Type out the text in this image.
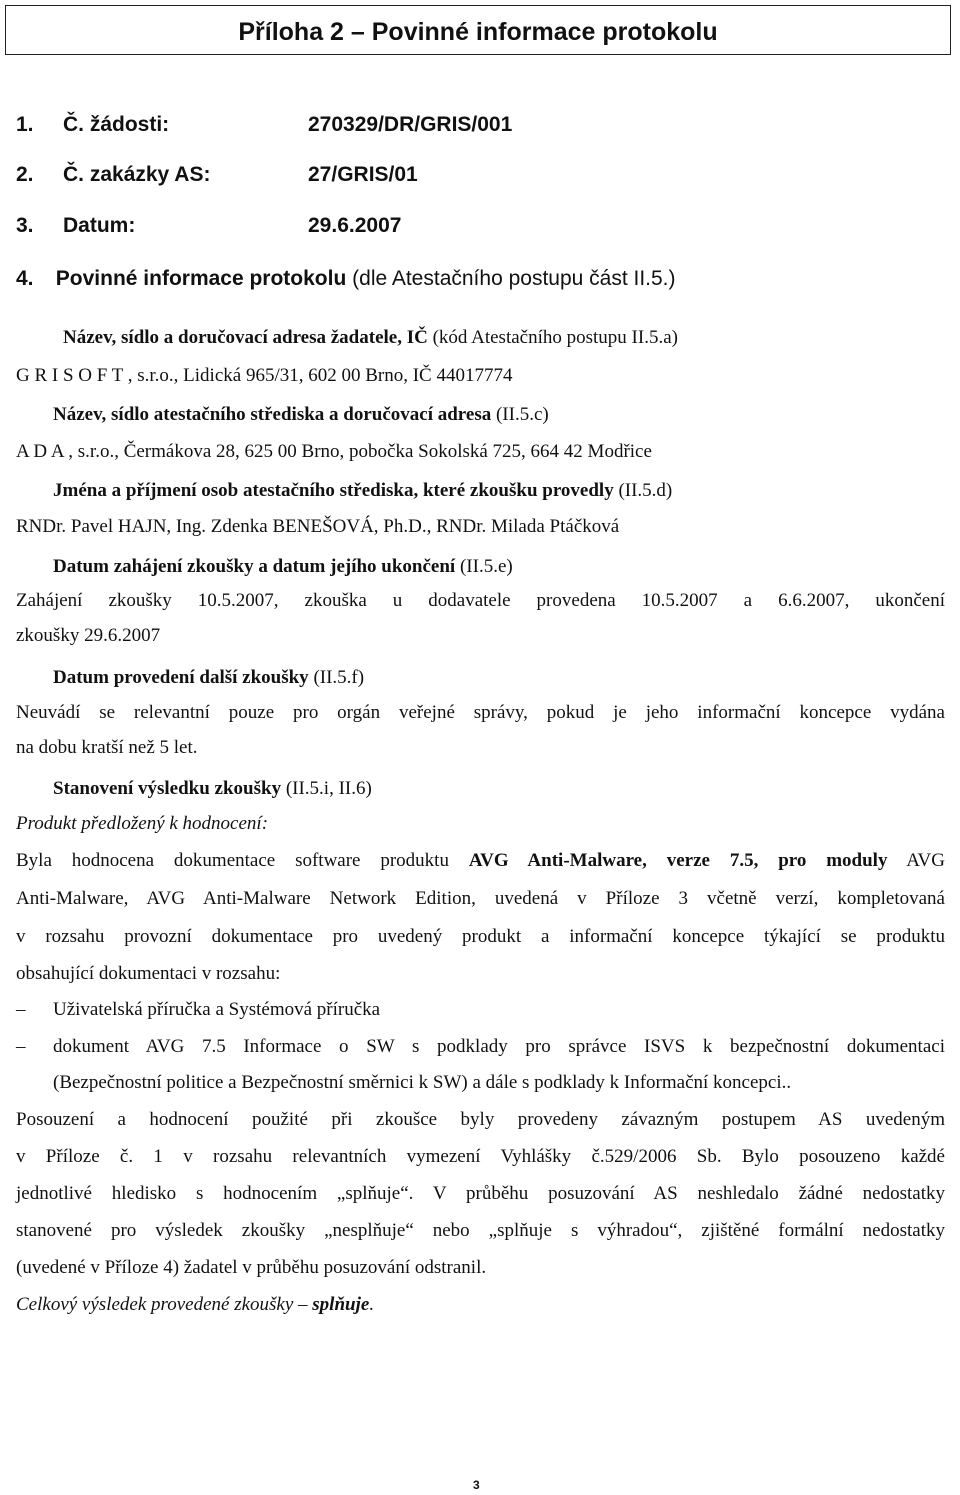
Příloha 2 – Povinné informace protokolu
1. Č. žádosti:	270329/DR/GRIS/001
2. Č. zakázky AS:	27/GRIS/01
3. Datum:	29.6.2007
4. Povinné informace protokolu (dle Atestačního postupu část II.5.)
Název, sídlo a doručovací adresa žadatele, IČ (kód Atestačního postupu II.5.a)
G R I S O F T , s.r.o., Lidická 965/31, 602 00 Brno, IČ 44017774
Název, sídlo atestačního střediska a doručovací adresa (II.5.c)
A D A , s.r.o., Čermákova 28, 625 00 Brno, pobočka Sokolská 725, 664 42 Modřice
Jména a příjmení osob atestačního střediska, které zkoušku provedly (II.5.d)
RNDr. Pavel HAJN, Ing. Zdenka BENEŠOVÁ, Ph.D., RNDr. Milada Ptáčková
Datum zahájení zkoušky a datum jejího ukončení (II.5.e)
Zahájení zkoušky 10.5.2007, zkouška u dodavatele provedena 10.5.2007 a 6.6.2007, ukončení
zkoušky 29.6.2007
Datum provedení další zkoušky (II.5.f)
Neuvádí se relevantní pouze pro orgán veřejné správy, pokud je jeho informační koncepce vydána
na dobu kratší než 5 let.
Stanovení výsledku zkoušky (II.5.i, II.6)
Produkt předložený k hodnocení:
Byla hodnocena dokumentace software produktu AVG Anti-Malware, verze 7.5, pro moduly AVG
Anti-Malware, AVG Anti-Malware Network Edition, uvedená v Příloze 3 včetně verzí, kompletovaná
v rozsahu provozní dokumentace pro uvedený produkt a informační koncepce týkající se produktu
obsahující dokumentaci v rozsahu:
– Uživatelská příručka a Systémová příručka
– dokument AVG 7.5 Informace o SW s podklady pro správce ISVS k bezpečnostní dokumentaci
(Bezpečnostní politice a Bezpečnostní směrnici k SW) a dále s podklady k Informační koncepci..
Posouzení a hodnocení použité při zkoušce byly provedeny závazným postupem AS uvedeným
v Příloze č. 1 v rozsahu relevantních vymezení Vyhlášky č.529/2006 Sb. Bylo posouzeno každé
jednotlivé hledisko s hodnocením „splňuje“. V průběhu posuzování AS neshledalo žádné nedostatky
stanovené pro výsledek zkoušky „nesplňuje“ nebo „splňuje s výhradou“, zjištěné formální nedostatky
(uvedené v Příloze 4) žadatel v průběhu posuzování odstranil.
Celkový výsledek provedené zkoušky – splňuje.
3
